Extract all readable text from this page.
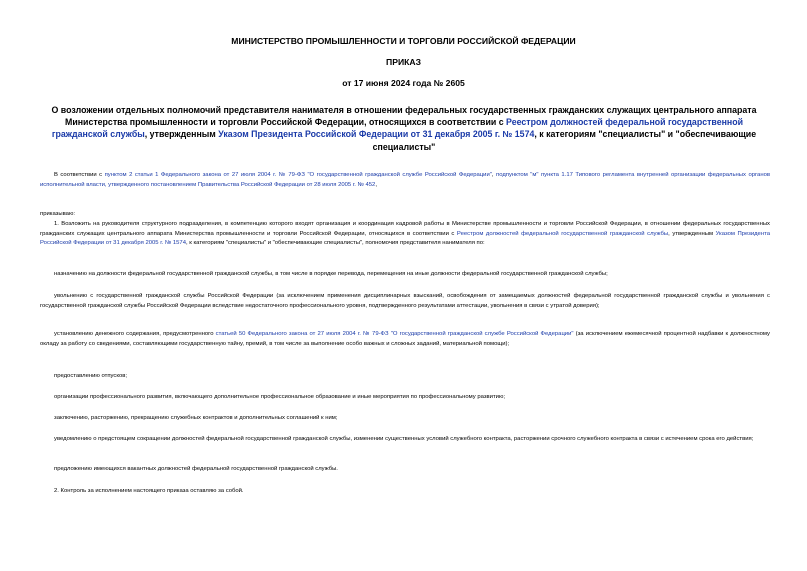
МИНИСТЕРСТВО ПРОМЫШЛЕННОСТИ И ТОРГОВЛИ РОССИЙСКОЙ ФЕДЕРАЦИИ
ПРИКАЗ
от 17 июня 2024 года № 2605
О возложении отдельных полномочий представителя нанимателя в отношении федеральных государственных гражданских служащих центрального аппарата Министерства промышленности и торговли Российской Федерации, относящихся в соответствии с Реестром должностей федеральной государственной гражданской службы, утвержденным Указом Президента Российской Федерации от 31 декабря 2005 г. № 1574, к категориям "специалисты" и "обеспечивающие специалисты"
В соответствии с пунктом 2 статьи 1 Федерального закона от 27 июля 2004 г. № 79-ФЗ "О государственной гражданской службе Российской Федерации", подпунктом "м" пункта 1.17 Типового регламента внутренней организации федеральных органов исполнительной власти, утвержденного постановлением Правительства Российской Федерации от 28 июля 2005 г. № 452,
приказываю:
1. Возложить на руководителя структурного подразделения, в компетенцию которого входят организация и координация кадровой работы в Министерстве промышленности и торговли Российской Федерации, в отношении федеральных государственных гражданских служащих центрального аппарата Министерства промышленности и торговли Российской Федерации, относящихся в соответствии с Реестром должностей федеральной государственной гражданской службы, утвержденным Указом Президента Российской Федерации от 31 декабря 2005 г. № 1574, к категориям "специалисты" и "обеспечивающие специалисты", полномочия представителя нанимателя по:
назначению на должности федеральной государственной гражданской службы, в том числе в порядке перевода, перемещения на иные должности федеральной государственной гражданской службы;
увольнению с государственной гражданской службы Российской Федерации (за исключением применения дисциплинарных взысканий, освобождения от замещаемых должностей федеральной государственной гражданской службы и увольнения с государственной гражданской службы Российской Федерации вследствие недостаточного профессионального уровня, подтвержденного результатами аттестации, увольнения в связи с утратой доверия);
установлению денежного содержания, предусмотренного статьей 50 Федерального закона от 27 июля 2004 г. № 79-ФЗ "О государственной гражданской службе Российской Федерации" (за исключением ежемесячной процентной надбавки к должностному окладу за работу со сведениями, составляющими государственную тайну, премий, в том числе за выполнение особо важных и сложных заданий, материальной помощи);
предоставлению отпусков;
организации профессионального развития, включающего дополнительное профессиональное образование и иные мероприятия по профессиональному развитию;
заключению, расторжению, прекращению служебных контрактов и дополнительных соглашений к ним;
уведомлению о предстоящем сокращении должностей федеральной государственной гражданской службы, изменении существенных условий служебного контракта, расторжении срочного служебного контракта в связи с истечением срока его действия;
предложению имеющихся вакантных должностей федеральной государственной гражданской службы.
2. Контроль за исполнением настоящего приказа оставляю за собой.
